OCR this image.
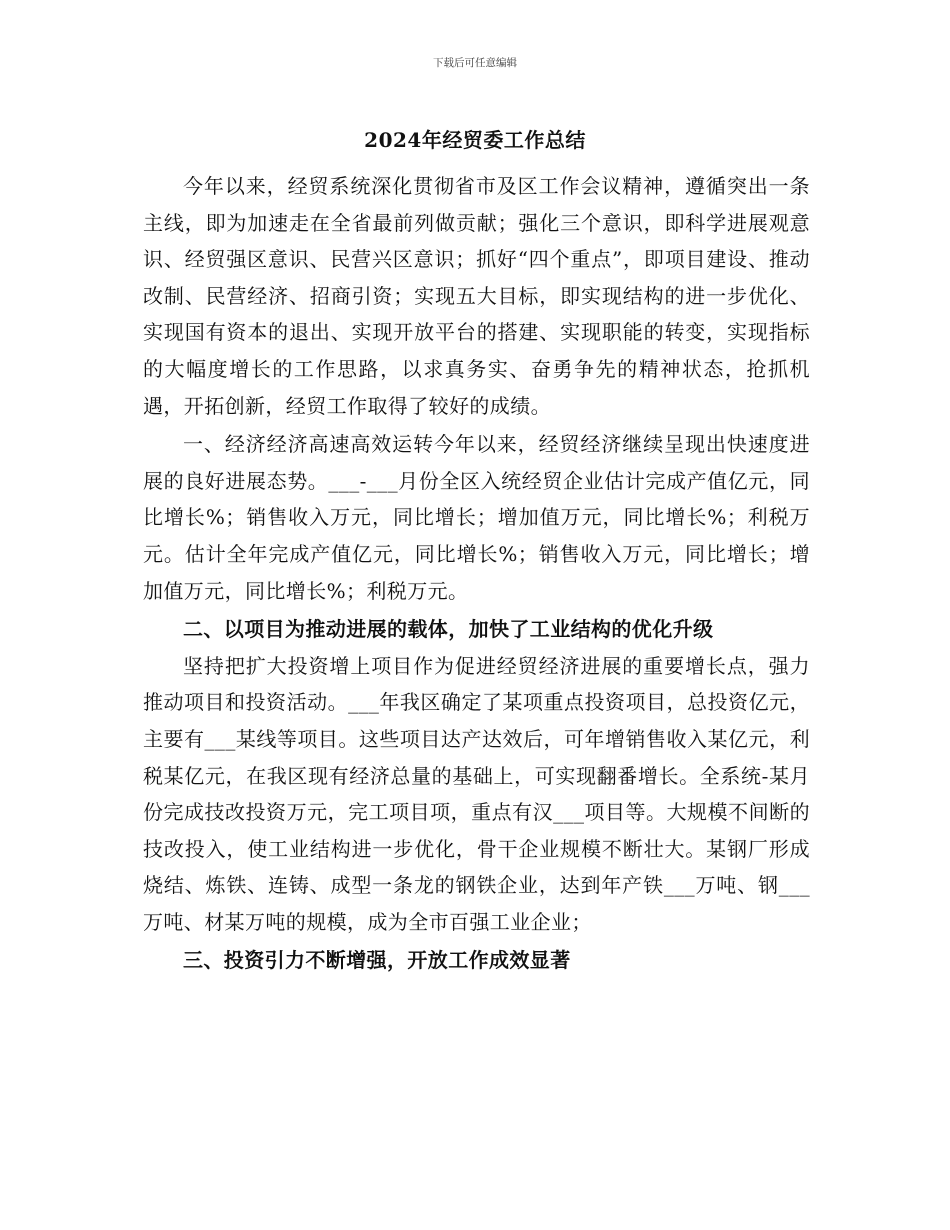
下载后可任意编辑
2024年经贸委工作总结

今年以来，经贸系统深化贯彻省市及区工作会议精神，遵循突出一条主线，即为加速走在全省最前列做贡献；强化三个意识，即科学进展观意识、经贸强区意识、民营兴区意识；抓好“四个重点”，即项目建设、推动改制、民营经济、招商引资；实现五大目标，即实现结构的进一步优化、实现国有资本的退出、实现开放平台的搭建、实现职能的转变，实现指标的大幅度增长的工作思路，以求真务实、奋勇争先的精神状态，抢抓机遇，开拓创新，经贸工作取得了较好的成绩。

一、经济经济高速高效运转今年以来，经贸经济继续呈现出快速度进展的良好进展态势。___-___月份全区入统经贸企业估计完成产值亿元，同比增长%；销售收入万元，同比增长；增加值万元，同比增长%；利税万元。估计全年完成产值亿元，同比增长%；销售收入万元，同比增长；增加值万元，同比增长%；利税万元。

二、以项目为推动进展的载体，加快了工业结构的优化升级

坚持把扩大投资增上项目作为促进经贸经济进展的重要增长点，强力推动项目和投资活动。___年我区确定了某项重点投资项目，总投资亿元，主要有___某线等项目。这些项目达产达效后，可年增销售收入某亿元，利税某亿元，在我区现有经济总量的基础上，可实现翻番增长。全系统-某月份完成技改投资万元，完工项目项，重点有汉___项目等。大规模不间断的技改投入，使工业结构进一步优化，骨干企业规模不断壮大。某钢厂形成烧结、炼铁、连铸、成型一条龙的钢铁企业，达到年产铁___万吨、钢___万吨、材某万吨的规模，成为全市百强工业企业；

三、投资引力不断增强，开放工作成效显著
